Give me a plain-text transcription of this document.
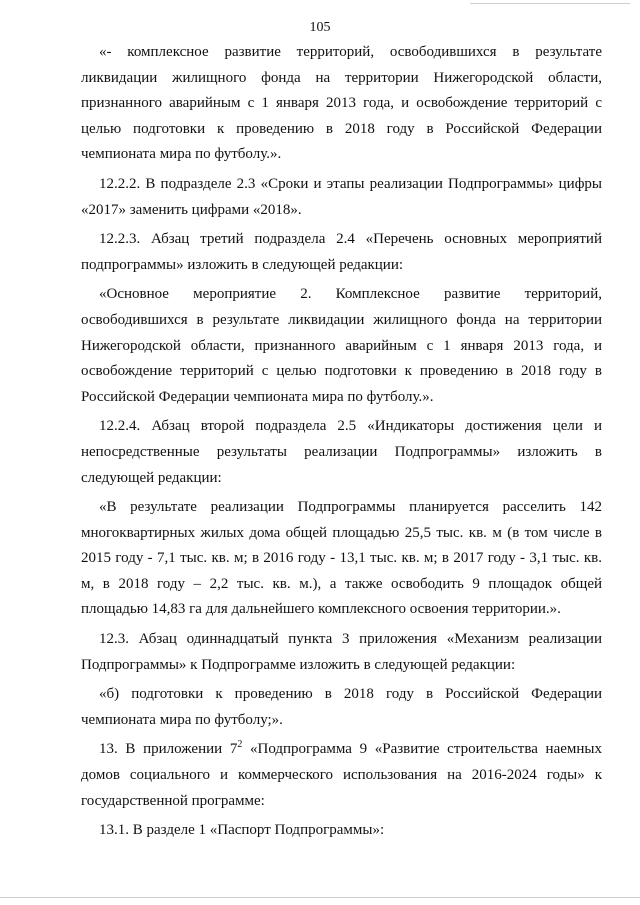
105

«- комплексное развитие территорий, освободившихся в результате ликвидации жилищного фонда на территории Нижегородской области, признанного аварийным с 1 января 2013 года, и освобождение территорий с целью подготовки к проведению в 2018 году в Российской Федерации чемпионата мира по футболу.».

12.2.2. В подразделе 2.3 «Сроки и этапы реализации Подпрограммы» цифры «2017» заменить цифрами «2018».

12.2.3. Абзац третий подраздела 2.4 «Перечень основных мероприятий подпрограммы» изложить в следующей редакции:

«Основное мероприятие 2. Комплексное развитие территорий, освободившихся в результате ликвидации жилищного фонда на территории Нижегородской области, признанного аварийным с 1 января 2013 года, и освобождение территорий с целью подготовки к проведению в 2018 году в Российской Федерации чемпионата мира по футболу.».

12.2.4. Абзац второй подраздела 2.5 «Индикаторы достижения цели и непосредственные результаты реализации Подпрограммы» изложить в следующей редакции:

«В результате реализации Подпрограммы планируется расселить 142 многоквартирных жилых дома общей площадью 25,5 тыс. кв. м (в том числе в 2015 году - 7,1 тыс. кв. м; в 2016 году - 13,1 тыс. кв. м; в 2017 году - 3,1 тыс. кв. м, в 2018 году – 2,2 тыс. кв. м.), а также освободить 9 площадок общей площадью 14,83 га для дальнейшего комплексного освоения территории.».

12.3. Абзац одиннадцатый пункта 3 приложения «Механизм реализации Подпрограммы» к Подпрограмме изложить в следующей редакции:

«б) подготовки к проведению в 2018 году в Российской Федерации чемпионата мира по футболу;».

13. В приложении $7^2$ «Подпрограмма 9 «Развитие строительства наемных домов социального и коммерческого использования на 2016-2024 годы» к государственной программе:

13.1. В разделе 1 «Паспорт Подпрограммы»:
